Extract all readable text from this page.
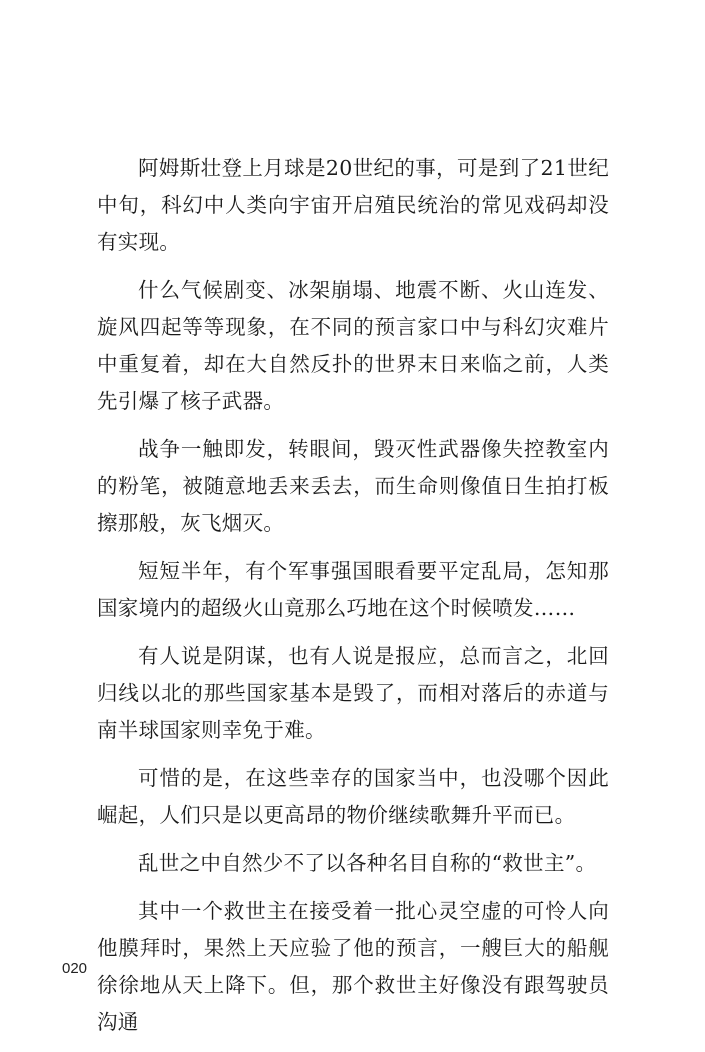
阿姆斯壮登上月球是20世纪的事，可是到了21世纪中旬，科幻中人类向宇宙开启殖民统治的常见戏码却没有实现。

什么气候剧变、冰架崩塌、地震不断、火山连发、旋风四起等等现象，在不同的预言家口中与科幻灾难片中重复着，却在大自然反扑的世界末日来临之前，人类先引爆了核子武器。

战争一触即发，转眼间，毁灭性武器像失控教室内的粉笔，被随意地丢来丢去，而生命则像值日生拍打板擦那般，灰飞烟灭。

短短半年，有个军事强国眼看要平定乱局，怎知那国家境内的超级火山竟那么巧地在这个时候喷发……

有人说是阴谋，也有人说是报应，总而言之，北回归线以北的那些国家基本是毁了，而相对落后的赤道与南半球国家则幸免于难。

可惜的是，在这些幸存的国家当中，也没哪个因此崛起，人们只是以更高昂的物价继续歌舞升平而已。

乱世之中自然少不了以各种名目自称的“救世主”。

其中一个救世主在接受着一批心灵空虚的可怜人向他膜拜时，果然上天应验了他的预言，一艘巨大的船舰徐徐地从天上降下。但，那个救世主好像没有跟驾驶员沟通

020
